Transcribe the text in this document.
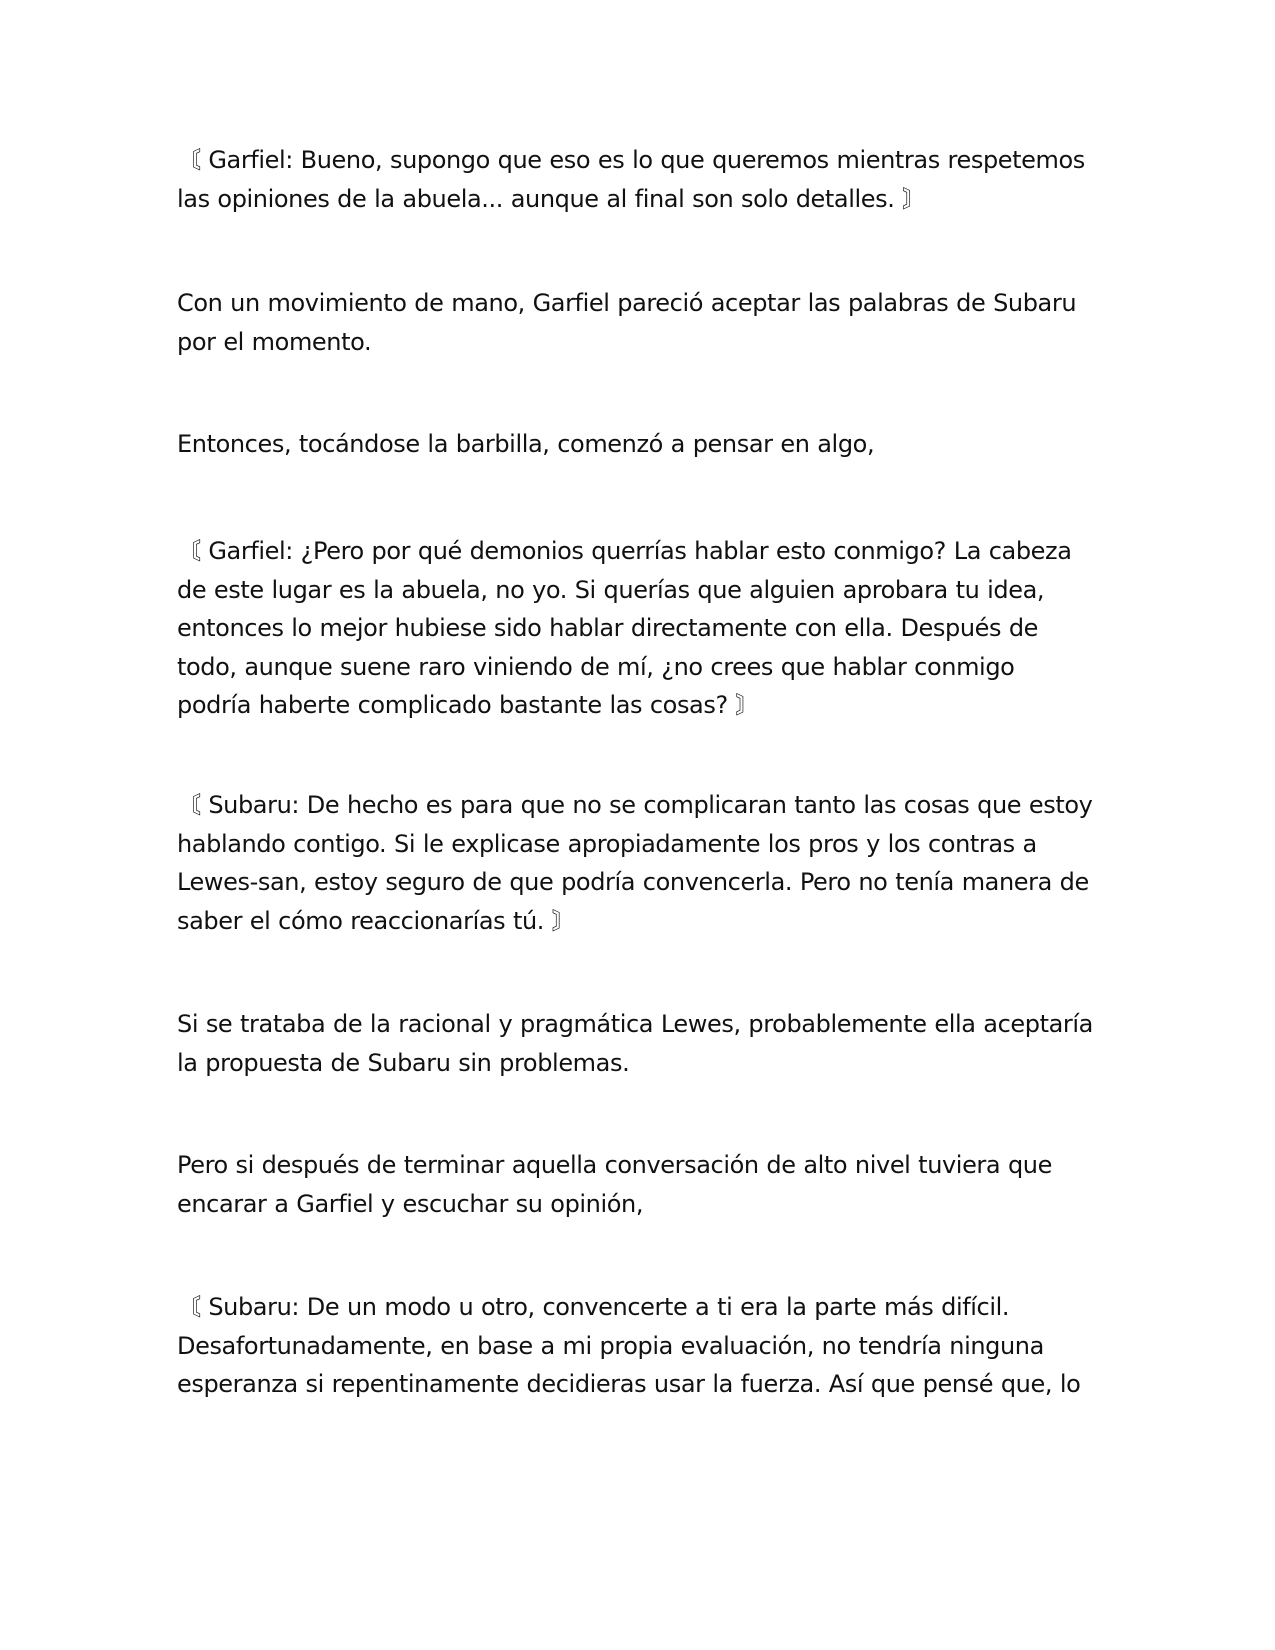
〘 Garfiel: Bueno, supongo que eso es lo que queremos mientras respetemos
las opiniones de la abuela... aunque al final son solo detalles. 〙

Con un movimiento de mano, Garfiel pareció aceptar las palabras de Subaru
por el momento.

Entonces, tocándose la barbilla, comenzó a pensar en algo,

〘 Garfiel: ¿Pero por qué demonios querrías hablar esto conmigo? La cabeza
de este lugar es la abuela, no yo. Si querías que alguien aprobara tu idea,
entonces lo mejor hubiese sido hablar directamente con ella. Después de
todo, aunque suene raro viniendo de mí, ¿no crees que hablar conmigo
podría haberte complicado bastante las cosas? 〙

〘 Subaru: De hecho es para que no se complicaran tanto las cosas que estoy
hablando contigo. Si le explicase apropiadamente los pros y los contras a
Lewes-san, estoy seguro de que podría convencerla. Pero no tenía manera de
saber el cómo reaccionarías tú. 〙

Si se trataba de la racional y pragmática Lewes, probablemente ella aceptaría
la propuesta de Subaru sin problemas.

Pero si después de terminar aquella conversación de alto nivel tuviera que
encarar a Garfiel y escuchar su opinión,

〘 Subaru: De un modo u otro, convencerte a ti era la parte más difícil.
Desafortunadamente, en base a mi propia evaluación, no tendría ninguna
esperanza si repentinamente decidieras usar la fuerza. Así que pensé que, lo
